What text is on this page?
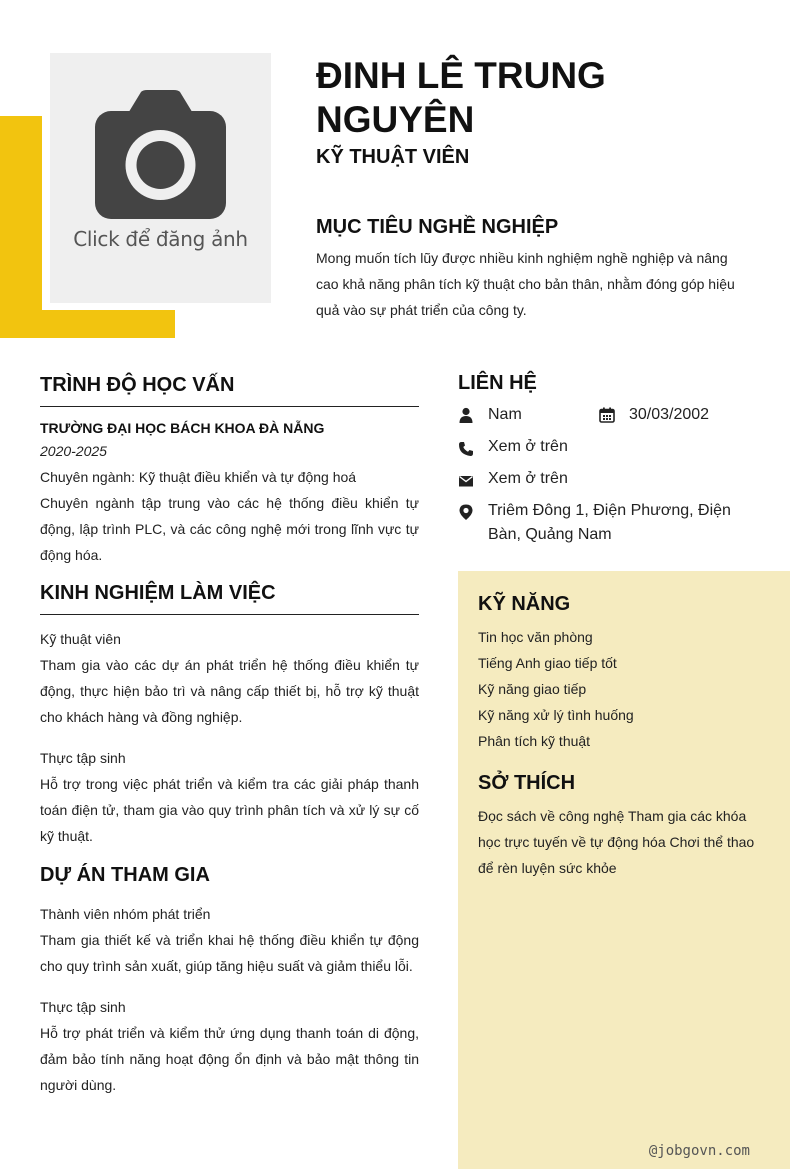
Click để đăng ảnh
ĐINH LÊ TRUNG NGUYÊN
KỸ THUẬT VIÊN
MỤC TIÊU NGHỀ NGHIỆP

Mong muốn tích lũy được nhiều kinh nghiệm nghề nghiệp và nâng cao khả năng phân tích kỹ thuật cho bản thân, nhằm đóng góp hiệu quả vào sự phát triển của công ty.

TRÌNH ĐỘ HỌC VẤN
TRƯỜNG ĐẠI HỌC BÁCH KHOA ĐÀ NẴNG
2020-2025
Chuyên ngành: Kỹ thuật điều khiển và tự động hoá
Chuyên ngành tập trung vào các hệ thống điều khiển tự động, lập trình PLC, và các công nghệ mới trong lĩnh vực tự động hóa.
KINH NGHIỆM LÀM VIỆC
Kỹ thuật viên
Tham gia vào các dự án phát triển hệ thống điều khiển tự động, thực hiện bảo trì và nâng cấp thiết bị, hỗ trợ kỹ thuật cho khách hàng và đồng nghiệp.
Thực tập sinh
Hỗ trợ trong việc phát triển và kiểm tra các giải pháp thanh toán điện tử, tham gia vào quy trình phân tích và xử lý sự cố kỹ thuật.
DỰ ÁN THAM GIA
Thành viên nhóm phát triển
Tham gia thiết kế và triển khai hệ thống điều khiển tự động cho quy trình sản xuất, giúp tăng hiệu suất và giảm thiểu lỗi.
Thực tập sinh
Hỗ trợ phát triển và kiểm thử ứng dụng thanh toán di động, đảm bảo tính năng hoạt động ổn định và bảo mật thông tin người dùng.
LIÊN HỆ
Nam	30/03/2002
Xem ở trên
Xem ở trên
Triêm Đông 1, Điện Phương, Điện Bàn, Quảng Nam
KỸ NĂNG
Tin học văn phòng
Tiếng Anh giao tiếp tốt
Kỹ năng giao tiếp
Kỹ năng xử lý tình huống
Phân tích kỹ thuật
SỞ THÍCH
Đọc sách về công nghệ Tham gia các khóa học trực tuyến về tự động hóa Chơi thể thao để rèn luyện sức khỏe
@jobgovn.com
